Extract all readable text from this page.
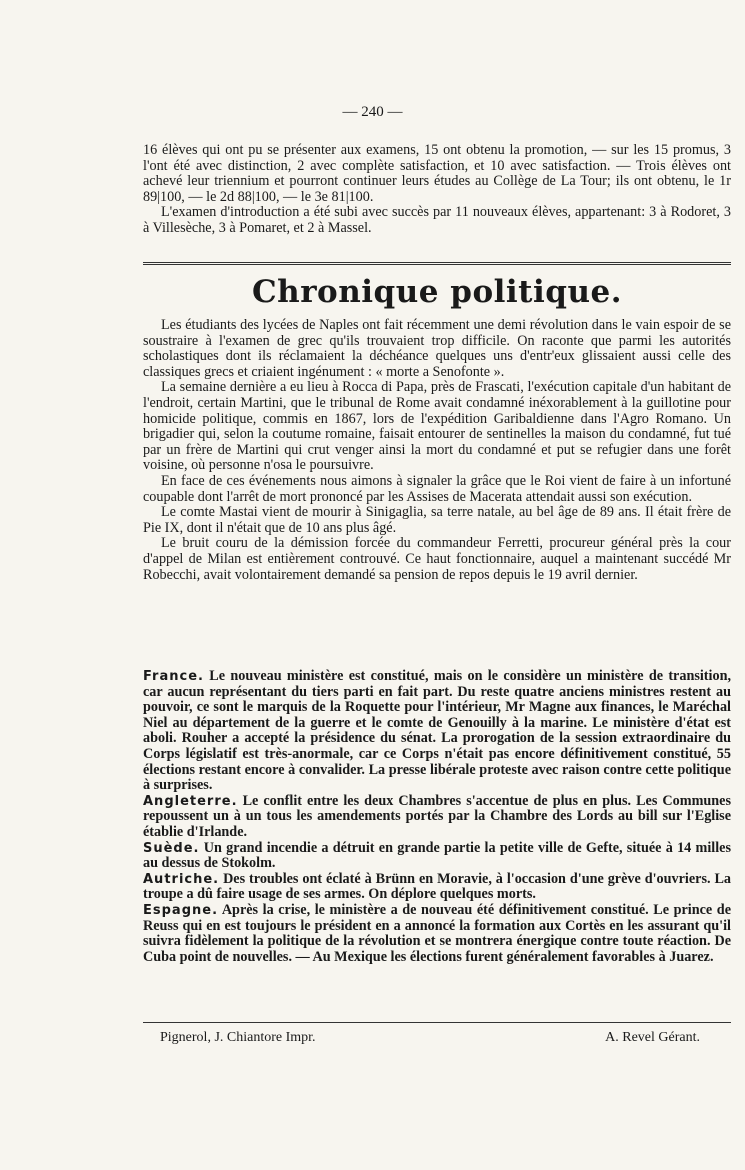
— 240 —

16 élèves qui ont pu se présenter aux examens, 15 ont obtenu la promotion, — sur les 15 promus, 3 l'ont été avec distinction, 2 avec complète satisfaction, et 10 avec satisfaction. — Trois élèves ont achevé leur triennium et pourront continuer leurs études au Collège de La Tour; ils ont obtenu, le 1r 89|100, — le 2d 88|100, — le 3e 81|100.

L'examen d'introduction a été subi avec succès par 11 nouveaux élèves, appartenant: 3 à Rodoret, 3 à Villesèche, 3 à Pomaret, et 2 à Massel.

Chronique politique.

Les étudiants des lycées de Naples ont fait récemment une demi révolution dans le vain espoir de se soustraire à l'examen de grec qu'ils trouvaient trop difficile. On raconte que parmi les autorités scholastiques dont ils réclamaient la déchéance quelques uns d'entr'eux glissaient aussi celle des classiques grecs et criaient ingénument : « morte a Senofonte ».

La semaine dernière a eu lieu à Rocca di Papa, près de Frascati, l'exécution capitale d'un habitant de l'endroit, certain Martini, que le tribunal de Rome avait condamné inéxorablement à la guillotine pour homicide politique, commis en 1867, lors de l'expédition Garibaldienne dans l'Agro Romano. Un brigadier qui, selon la coutume romaine, faisait entourer de sentinelles la maison du condamné, fut tué par un frère de Martini qui crut venger ainsi la mort du condamné et put se refugier dans une forêt voisine, où personne n'osa le poursuivre.

En face de ces événements nous aimons à signaler la grâce que le Roi vient de faire à un infortuné coupable dont l'arrêt de mort prononcé par les Assises de Macerata attendait aussi son exécution.

Le comte Mastai vient de mourir à Sinigaglia, sa terre natale, au bel âge de 89 ans. Il était frère de Pie IX, dont il n'était que de 10 ans plus âgé.

Le bruit couru de la démission forcée du commandeur Ferretti, procureur général près la cour d'appel de Milan est entièrement controuvé. Ce haut fonctionnaire, auquel a maintenant succédé Mr Robecchi, avait volontairement demandé sa pension de repos depuis le 19 avril dernier.

France. Le nouveau ministère est constitué, mais on le considère un ministère de transition, car aucun représentant du tiers parti en fait part. Du reste quatre anciens ministres restent au pouvoir, ce sont le marquis de la Roquette pour l'intérieur, Mr Magne aux finances, le Maréchal Niel au département de la guerre et le comte de Genouilly à la marine. Le ministère d'état est aboli. Rouher a accepté la présidence du sénat. La prorogation de la session extraordinaire du Corps législatif est très-anormale, car ce Corps n'était pas encore définitivement constitué, 55 élections restant encore à convalider. La presse libérale proteste avec raison contre cette politique à surprises.

Angleterre. Le conflit entre les deux Chambres s'accentue de plus en plus. Les Communes repoussent un à un tous les amendements portés par la Chambre des Lords au bill sur l'Eglise établie d'Irlande.

Suède. Un grand incendie a détruit en grande partie la petite ville de Gefte, située à 14 milles au dessus de Stokolm.

Autriche. Des troubles ont éclaté à Brünn en Moravie, à l'occasion d'une grève d'ouvriers. La troupe a dû faire usage de ses armes. On déplore quelques morts.

Espagne. Après la crise, le ministère a de nouveau été définitivement constitué. Le prince de Reuss qui en est toujours le président en a annoncé la formation aux Cortès en les assurant qu'il suivra fidèlement la politique de la révolution et se montrera énergique contre toute réaction. De Cuba point de nouvelles. — Au Mexique les élections furent généralement favorables à Juarez.

Pignerol, J. Chiantore Impr.	A. Revel Gérant.
